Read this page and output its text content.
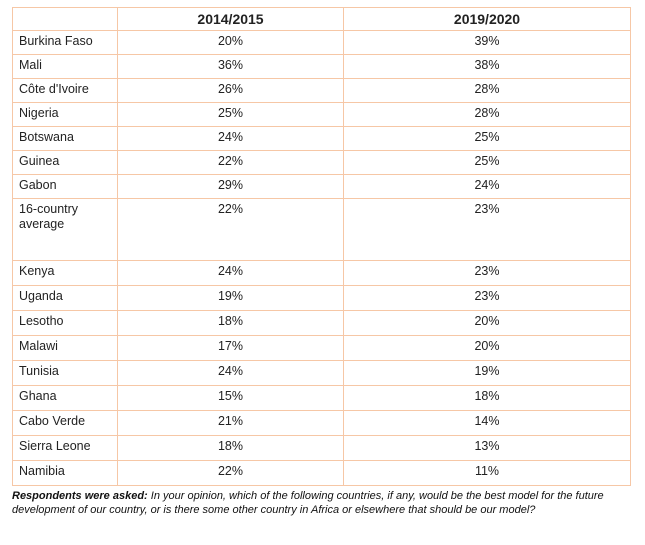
	2014/2015	2019/2020
Burkina Faso	20%	39%
Mali	36%	38%
Côte d'Ivoire	26%	28%
Nigeria	25%	28%
Botswana	24%	25%
Guinea	22%	25%
Gabon	29%	24%
16-country average	22%	23%
Kenya	24%	23%
Uganda	19%	23%
Lesotho	18%	20%
Malawi	17%	20%
Tunisia	24%	19%
Ghana	15%	18%
Cabo Verde	21%	14%
Sierra Leone	18%	13%
Namibia	22%	11%
Respondents were asked: In your opinion, which of the following countries, if any, would be the best model for the future development of our country, or is there some other country in Africa or elsewhere that should be our model?
